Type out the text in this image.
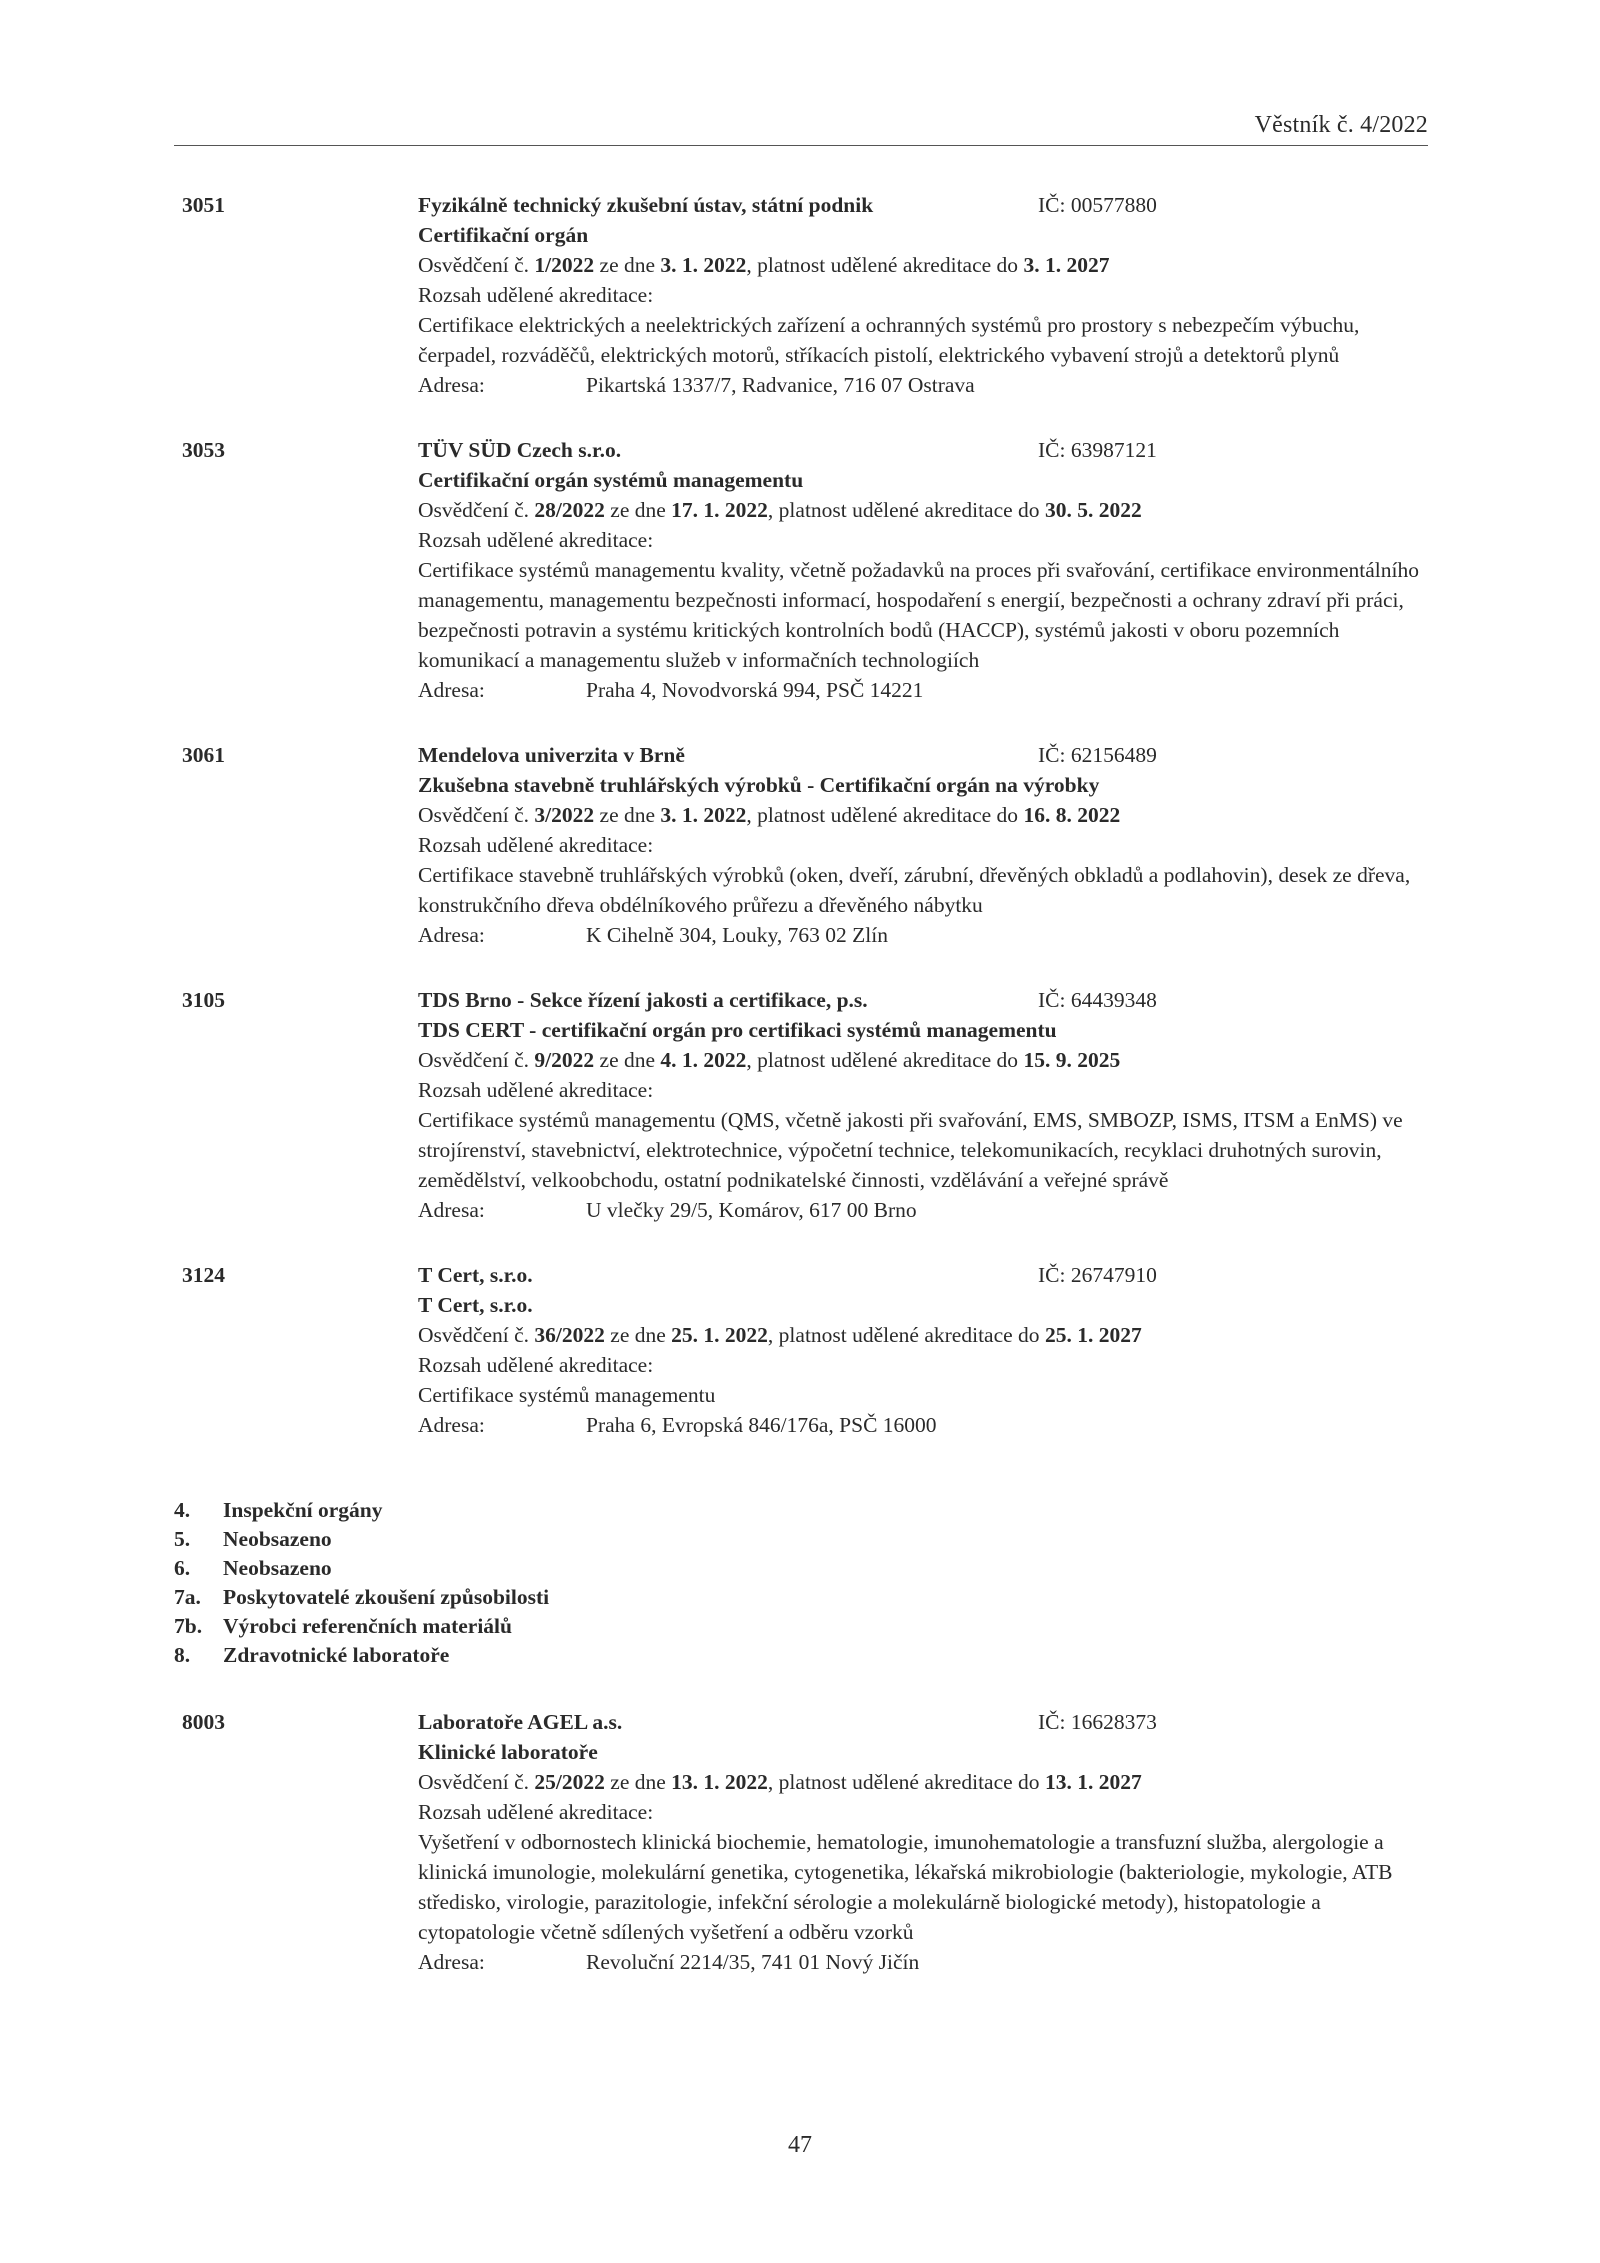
Věstník č. 4/2022
3051	Fyzikálně technický zkušební ústav, státní podnik	IČ: 00577880
Certifikační orgán
Osvědčení č. 1/2022 ze dne 3. 1. 2022, platnost udělené akreditace do 3. 1. 2027
Rozsah udělené akreditace:
Certifikace elektrických a neelektrických zařízení a ochranných systémů pro prostory s nebezpečím výbuchu, čerpadel, rozváděčů, elektrických motorů, stříkacích pistolí, elektrického vybavení strojů a detektorů plynů
Adresa:	Pikartská 1337/7, Radvanice, 716 07 Ostrava
3053	TÜV SÜD Czech s.r.o.	IČ: 63987121
Certifikační orgán systémů managementu
Osvědčení č. 28/2022 ze dne 17. 1. 2022, platnost udělené akreditace do 30. 5. 2022
Rozsah udělené akreditace:
Certifikace systémů managementu kvality, včetně požadavků na proces při svařování, certifikace environmentálního managementu, managementu bezpečnosti informací, hospodaření s energií, bezpečnosti a ochrany zdraví při práci, bezpečnosti potravin a systému kritických kontrolních bodů (HACCP), systémů jakosti v oboru pozemních komunikací a managementu služeb v informačních technologiích
Adresa:	Praha 4, Novodvorská 994, PSČ 14221
3061	Mendelova univerzita v Brně	IČ: 62156489
Zkušebna stavebně truhlářských výrobků - Certifikační orgán na výrobky
Osvědčení č. 3/2022 ze dne 3. 1. 2022, platnost udělené akreditace do 16. 8. 2022
Rozsah udělené akreditace:
Certifikace stavebně truhlářských výrobků (oken, dveří, zárubní, dřevěných obkladů a podlahovin), desek ze dřeva, konstrukčního dřeva obdélníkového průřezu a dřevěného nábytku
Adresa:	K Cihelně 304, Louky, 763 02 Zlín
3105	TDS Brno - Sekce řízení jakosti a certifikace, p.s.	IČ: 64439348
TDS CERT - certifikační orgán pro certifikaci systémů managementu
Osvědčení č. 9/2022 ze dne 4. 1. 2022, platnost udělené akreditace do 15. 9. 2025
Rozsah udělené akreditace:
Certifikace systémů managementu (QMS, včetně jakosti při svařování, EMS, SMBOZP, ISMS, ITSM a EnMS) ve strojírenství, stavebnictví, elektrotechnice, výpočetní technice, telekomunikacích, recyklaci druhotných surovin, zemědělství, velkoobchodu, ostatní podnikatelské činnosti, vzdělávání a veřejné správě
Adresa:	U vlečky 29/5, Komárov, 617 00 Brno
3124	T Cert, s.r.o.	IČ: 26747910
T Cert, s.r.o.
Osvědčení č. 36/2022 ze dne 25. 1. 2022, platnost udělené akreditace do 25. 1. 2027
Rozsah udělené akreditace:
Certifikace systémů managementu
Adresa:	Praha 6, Evropská 846/176a, PSČ 16000
4.	Inspekční orgány
5.	Neobsazeno
6.	Neobsazeno
7a.	Poskytovatelé zkoušení způsobilosti
7b. Výrobci referenčních materiálů
8.	Zdravotnické laboratoře
8003	Laboratoře AGEL a.s.	IČ: 16628373
Klinické laboratoře
Osvědčení č. 25/2022 ze dne 13. 1. 2022, platnost udělené akreditace do 13. 1. 2027
Rozsah udělené akreditace:
Vyšetření v odbornostech klinická biochemie, hematologie, imunohematologie a transfuzní služba, alergologie a klinická imunologie, molekulární genetika, cytogenetika, lékařská mikrobiologie (bakteriologie, mykologie, ATB středisko, virologie, parazitologie, infekční sérologie a molekulárně biologické metody), histopatologie a cytopatologie včetně sdílených vyšetření a odběru vzorků
Adresa:	Revoluční 2214/35, 741 01 Nový Jičín
47
